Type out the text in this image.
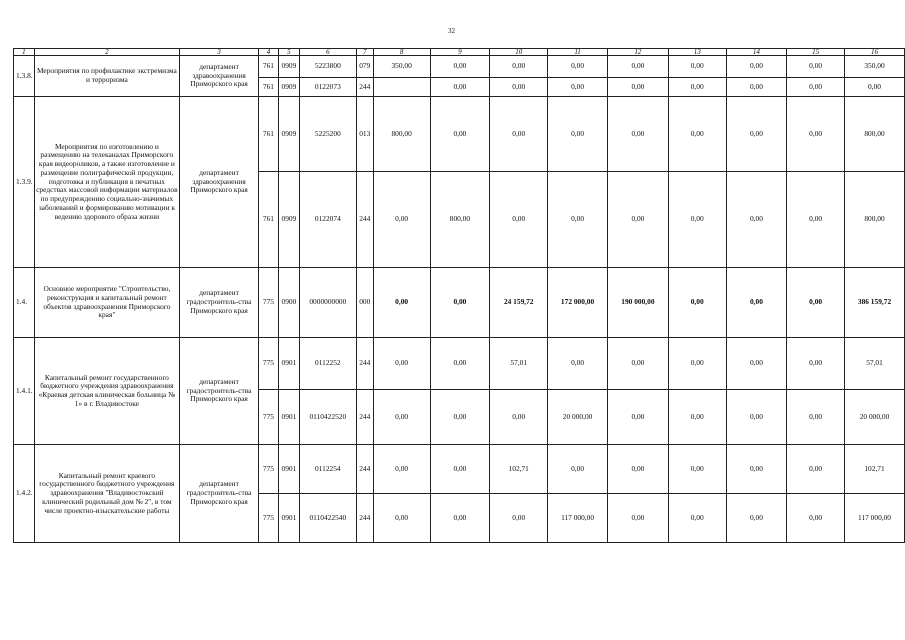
32
1	2	3	4	5	6	7	8	9	10	11	12	13	14	15	16
1.3.8.	Мероприятия по профилактике экстремизма и терроризма	департамент здравоохранения Приморского края	761	0909	5223800	079	350,00	0,00	0,00	0,00	0,00	0,00	0,00	0,00	350,00
			761	0909	0122073	244		0,00	0,00	0,00	0,00	0,00	0,00	0,00	0,00
1.3.9.	Мероприятия по изготовлению и размещению на телеканалах Приморского края видеороликов, а также изготовление и размещение полиграфической продукции, подготовка и публикация в печатных средствах массовой информации материалов по предупреждению социально-значимых заболеваний и формированию мотивации к ведению здорового образа жизни	департамент здравоохранения Приморского края	761	0909	5225200	013	800,00	0,00	0,00	0,00	0,00	0,00	0,00	0,00	800,00
			761	0909	0122074	244	0,00	800,00	0,00	0,00	0,00	0,00	0,00	0,00	800,00
1.4.	Основное мероприятие "Строительство, реконструкция и капитальный ремонт объектов здравоохранения Приморского края"	департамент градостроитель-ства Приморского края	775	0900	0000000000	000	0,00	0,00	24 159,72	172 000,00	190 000,00	0,00	0,00	0,00	386 159,72
1.4.1.	Капитальный ремонт государственного бюджетного учреждения здравоохранения «Краевая детская клиническая больница № 1» в г. Владивостоке	департамент градостроитель-ства Приморского края	775	0901	0112252	244	0,00	0,00	57,01	0,00	0,00	0,00	0,00	0,00	57,01
			775	0901	0110422520	244	0,00	0,00	0,00	20 000,00	0,00	0,00	0,00	0,00	20 000,00
1.4.2.	Капитальный ремонт краевого государственного бюджетного учреждения здравоохранения "Владивостокский клинический родильный дом № 2", в том числе проектно-изыскательские работы	департамент градостроитель-ства Приморского края	775	0901	0112254	244	0,00	0,00	102,71	0,00	0,00	0,00	0,00	0,00	102,71
			775	0901	0110422540	244	0,00	0,00	0,00	117 000,00	0,00	0,00	0,00	0,00	117 000,00
